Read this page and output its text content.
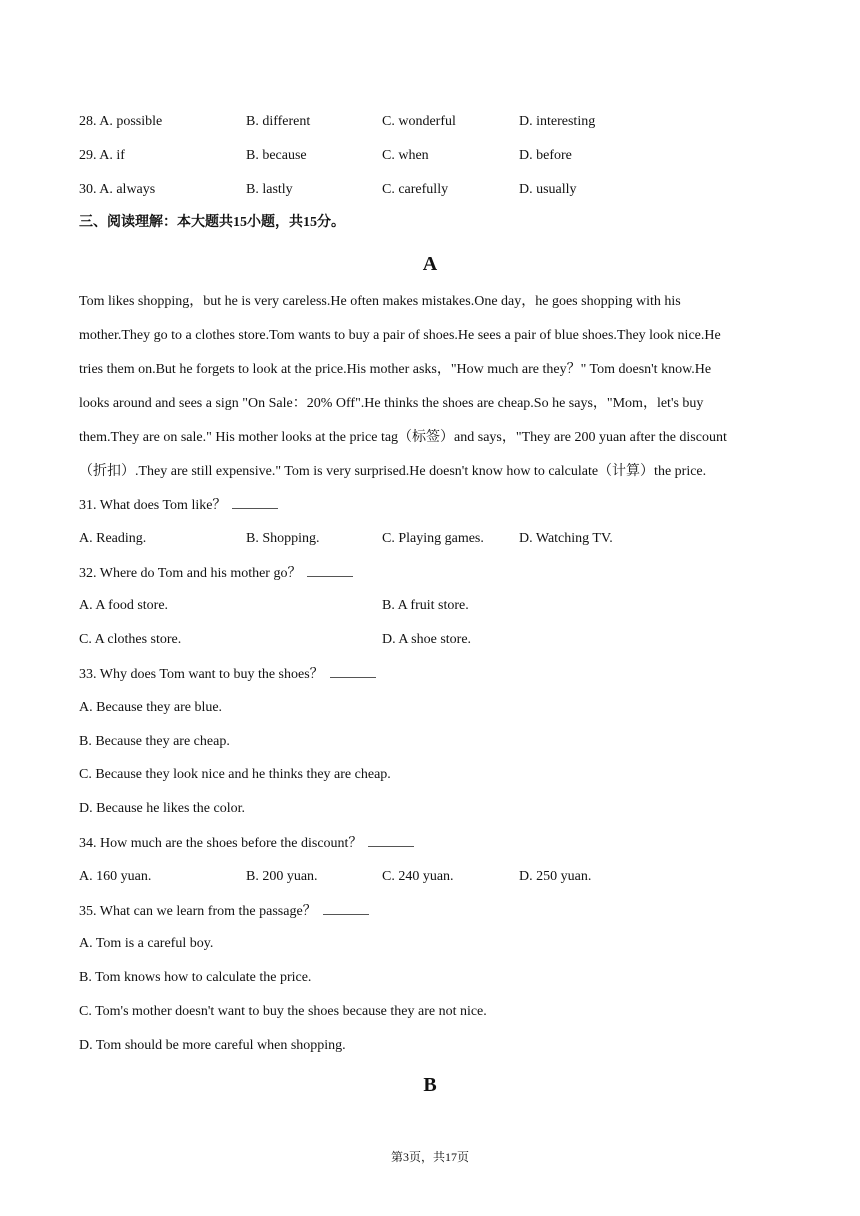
28. A. possible	B. different	C. wonderful	D. interesting
29. A. if	B. because	C. when	D. before
30. A. always	B. lastly	C. carefully	D. usually
三、阅读理解：本大题共15小题，共15分。
A
Tom likes shopping，but he is very careless.He often makes mistakes.One day，he goes shopping with his
mother.They go to a clothes store.Tom wants to buy a pair of shoes.He sees a pair of blue shoes.They look nice.He
tries them on.But he forgets to look at the price.His mother asks，"How much are they？" Tom doesn't know.He
looks around and sees a sign "On Sale：20% Off".He thinks the shoes are cheap.So he says，"Mom，let's buy
them.They are on sale." His mother looks at the price tag（标签）and says，"They are 200 yuan after the discount
（折扣）.They are still expensive." Tom is very surprised.He doesn't know how to calculate（计算）the price.
31. What does Tom like？
A. Reading.	B. Shopping.	C. Playing games.	D. Watching TV.
32. Where do Tom and his mother go？
A. A food store.	B. A fruit store.
C. A clothes store.	D. A shoe store.
33. Why does Tom want to buy the shoes？
A. Because they are blue.
B. Because they are cheap.
C. Because they look nice and he thinks they are cheap.
D. Because he likes the color.
34. How much are the shoes before the discount？
A. 160 yuan.	B. 200 yuan.	C. 240 yuan.	D. 250 yuan.
35. What can we learn from the passage？
A. Tom is a careful boy.
B. Tom knows how to calculate the price.
C. Tom's mother doesn't want to buy the shoes because they are not nice.
D. Tom should be more careful when shopping.
B
第3页，共17页
